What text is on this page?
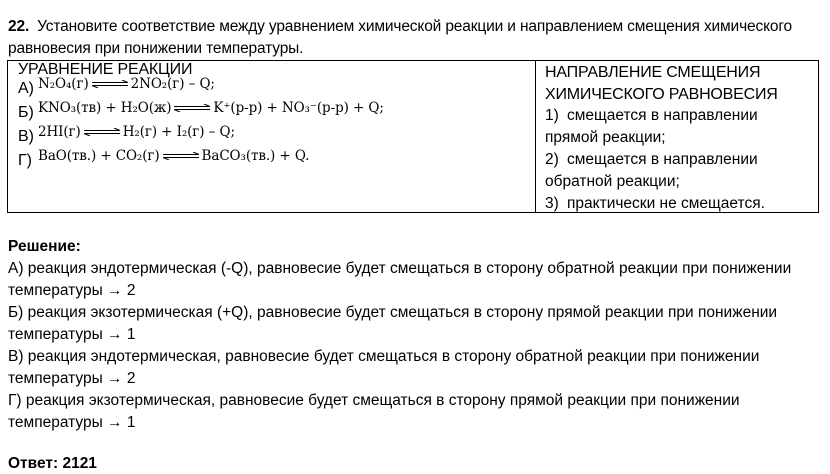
22. Установите соответствие между уравнением химической реакции и направлением смещения химического равновесия при понижении температуры.
УРАВНЕНИЕ РЕАКЦИИ
А) N₂O₄(г) ⇌ 2NO₂(г) – Q;
Б) KNO₃(тв) + H₂O(ж) ⇌ K⁺(р-р) + NO₃⁻(р-р) + Q;
В) 2HI(г) ⇌ H₂(г) + I₂(г) – Q;
Г) BaO(тв.) + CO₂(г) ⇌ BaCO₃(тв.) + Q.

НАПРАВЛЕНИЕ СМЕЩЕНИЯ ХИМИЧЕСКОГО РАВНОВЕСИЯ
1) смещается в направлении прямой реакции;
2) смещается в направлении обратной реакции;
3) практически не смещается.
Решение:
А) реакция эндотермическая (-Q), равновесие будет смещаться в сторону обратной реакции при понижении температуры → 2
Б) реакция экзотермическая (+Q), равновесие будет смещаться в сторону прямой реакции при понижении температуры → 1
В) реакция эндотермическая, равновесие будет смещаться в сторону обратной реакции при понижении температуры → 2
Г) реакция экзотермическая, равновесие будет смещаться в сторону прямой реакции при понижении температуры → 1
Ответ: 2121
